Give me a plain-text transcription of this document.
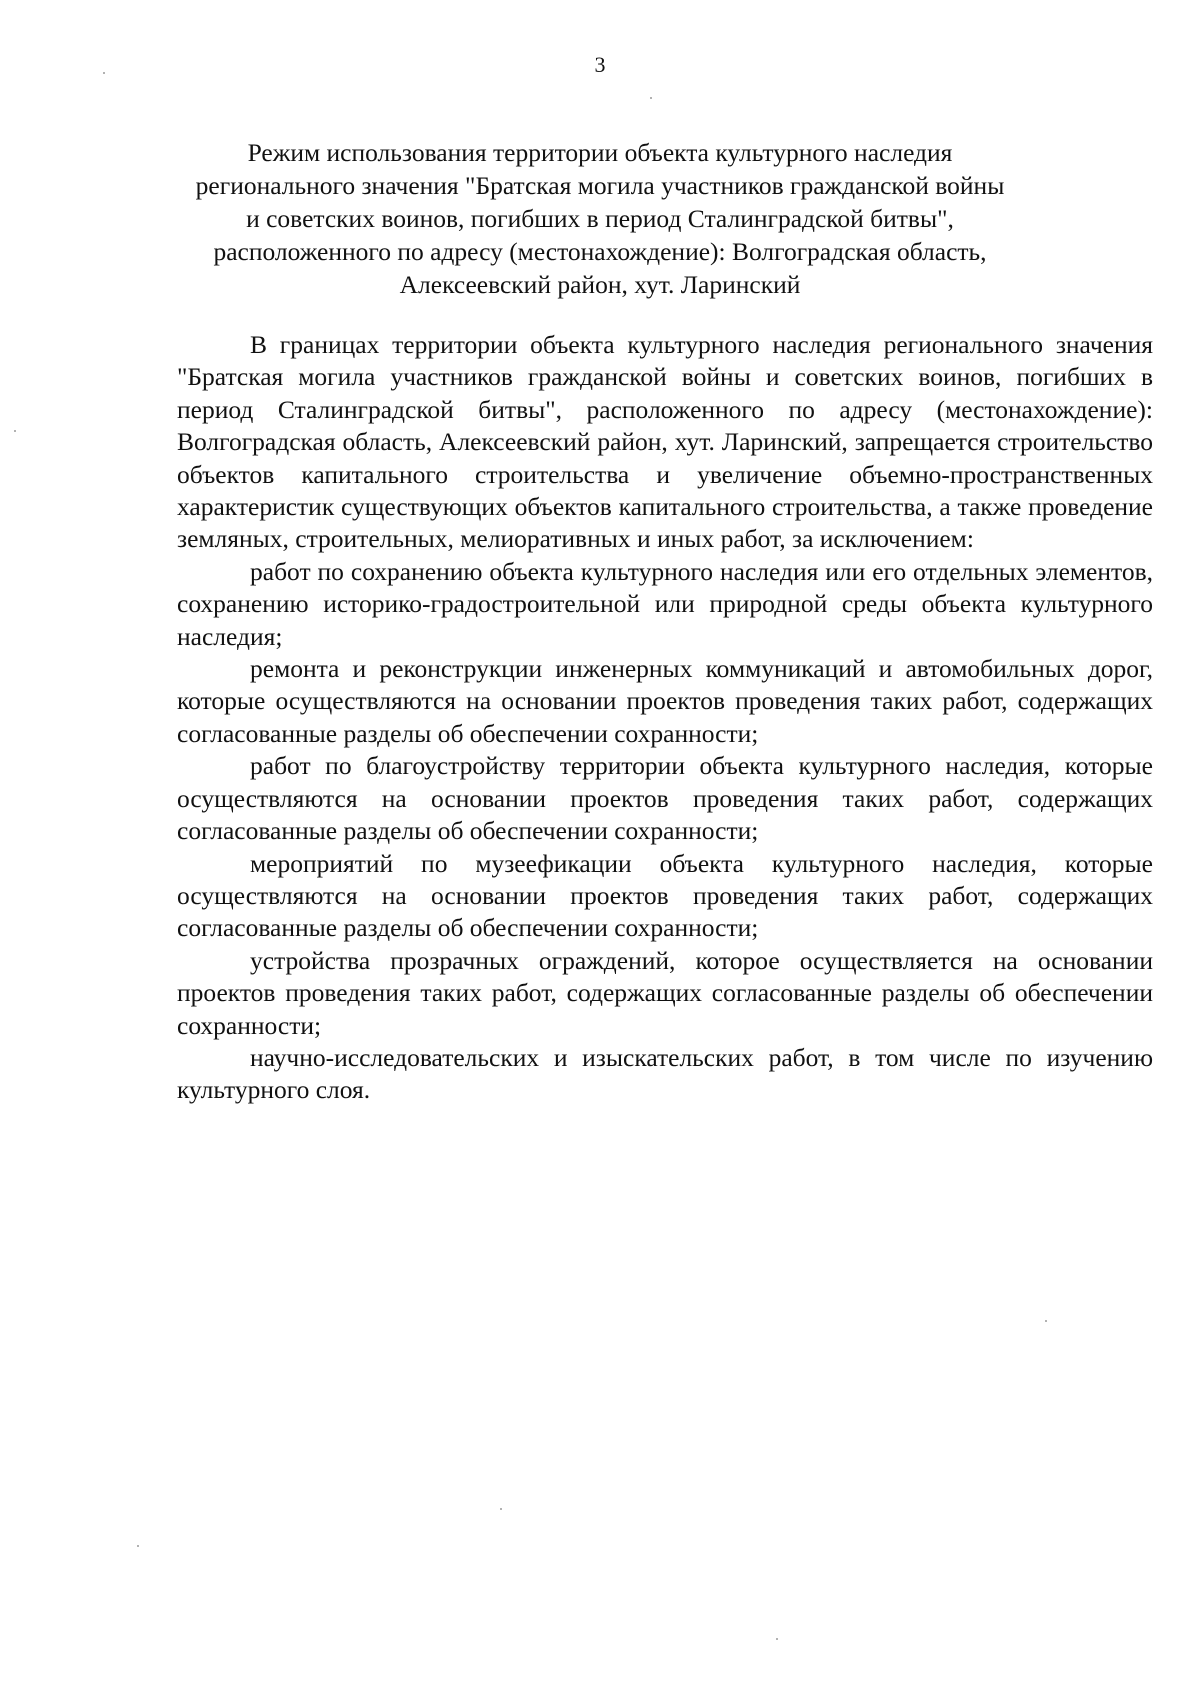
3
Режим использования территории объекта культурного наследия
регионального значения "Братская могила участников гражданской войны
и советских воинов, погибших в период Сталинградской битвы",
расположенного по адресу (местонахождение): Волгоградская область,
Алексеевский район, хут. Ларинский

В границах территории объекта культурного наследия регионального значения "Братская могила участников гражданской войны и советских воинов, погибших в период Сталинградской битвы", расположенного по адресу (местонахождение): Волгоградская область, Алексеевский район, хут. Ларинский, запрещается строительство объектов капитального строительства и увеличение объемно-пространственных характеристик существующих объектов капитального строительства, а также проведение земляных, строительных, мелиоративных и иных работ, за исключением:

работ по сохранению объекта культурного наследия или его отдельных элементов, сохранению историко-градостроительной или природной среды объекта культурного наследия;

ремонта и реконструкции инженерных коммуникаций и автомобильных дорог, которые осуществляются на основании проектов проведения таких работ, содержащих согласованные разделы об обеспечении сохранности;

работ по благоустройству территории объекта культурного наследия, которые осуществляются на основании проектов проведения таких работ, содержащих согласованные разделы об обеспечении сохранности;

мероприятий по музеефикации объекта культурного наследия, которые осуществляются на основании проектов проведения таких работ, содержащих согласованные разделы об обеспечении сохранности;

устройства прозрачных ограждений, которое осуществляется на основании проектов проведения таких работ, содержащих согласованные разделы об обеспечении сохранности;

научно-исследовательских и изыскательских работ, в том числе по изучению культурного слоя.
